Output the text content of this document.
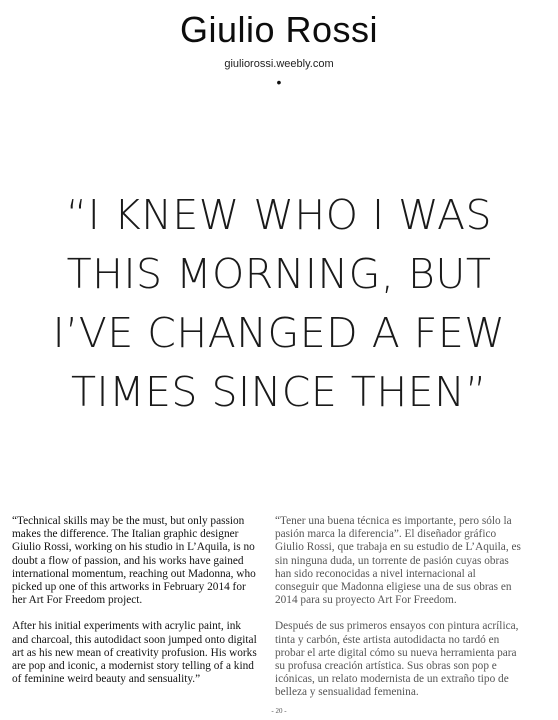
Giulio Rossi
giuliorossi.weebly.com
•
“I KNEW WHO I WAS
THIS MORNING, BUT
I’VE CHANGED A FEW
TIMES SINCE THEN”

“Technical skills may be the must, but only passion makes the difference. The Italian graphic designer Giulio Rossi, working on his studio in L’Aquila, is no doubt a flow of passion, and his works have gained international momentum, reaching out Madonna, who picked up one of this artworks in February 2014 for her Art For Freedom project.

After his initial experiments with acrylic paint, ink and charcoal, this autodidact soon jumped onto digital art as his new mean of creativity profusion. His works are pop and iconic, a modernist story telling of a kind of feminine weird beauty and sensuality.”

“Tener una buena técnica es importante, pero sólo la pasión marca la diferencia”. El diseñador gráfico Giulio Rossi, que trabaja en su estudio de L’Aquila, es sin ninguna duda, un torrente de pasión cuyas obras han sido reconocidas a nivel internacional al conseguir que Madonna eligiese una de sus obras en 2014 para su proyecto Art For Freedom.

Después de sus primeros ensayos con pintura acrílica, tinta y carbón, éste artista autodidacta no tardó en probar el arte digital cómo su nueva herramienta para su profusa creación artística. Sus obras son pop e icónicas, un relato modernista de un extraño tipo de belleza y sensualidad femenina.

- 20 -
